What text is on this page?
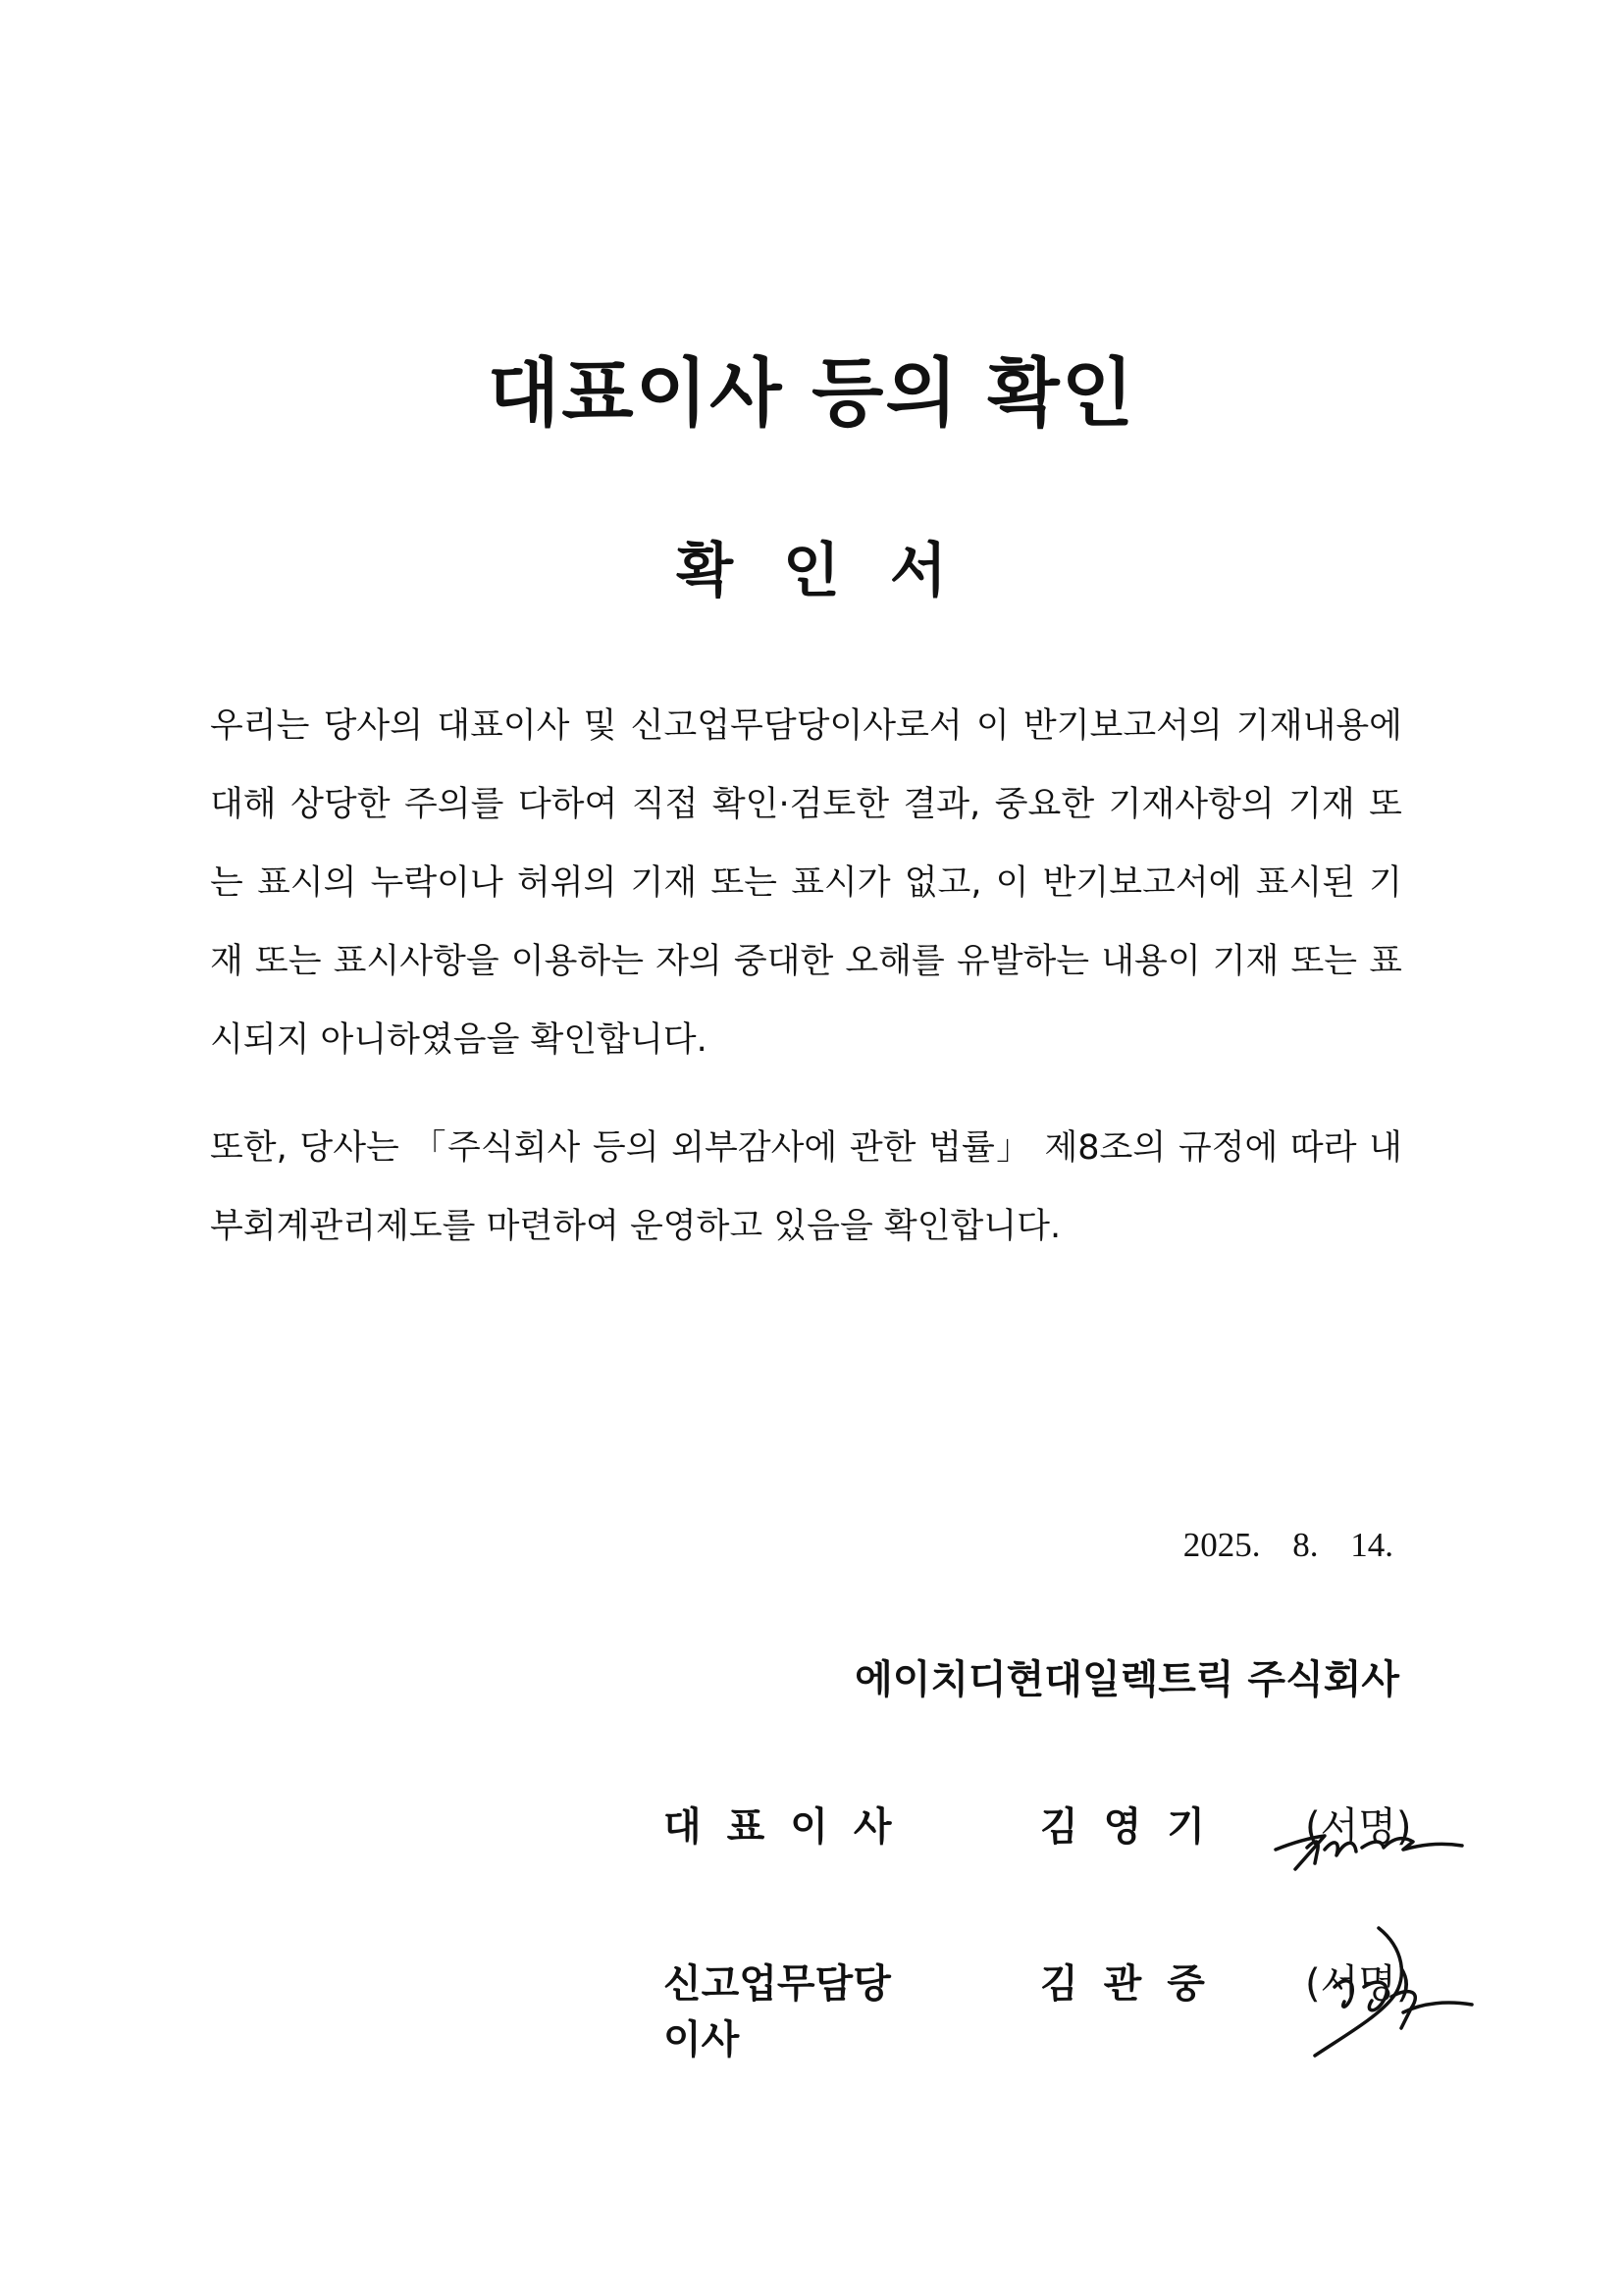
대표이사 등의 확인
확 인 서
우리는 당사의 대표이사 및 신고업무담당이사로서 이 반기보고서의 기재내용에 대해 상당한 주의를 다하여 직접 확인·검토한 결과, 중요한 기재사항의 기재 또는 표시의 누락이나 허위의 기재 또는 표시가 없고, 이 반기보고서에 표시된 기재 또는 표시사항을 이용하는 자의 중대한 오해를 유발하는 내용이 기재 또는 표시되지 아니하였음을 확인합니다.
또한, 당사는 「주식회사 등의 외부감사에 관한 법률」 제8조의 규정에 따라 내부회계관리제도를 마련하여 운영하고 있음을 확인합니다.
2025. 8. 14.
에이치디현대일렉트릭 주식회사
대표이사	김영기 (서명)
신고업무담당이사
김관중 (서명)
